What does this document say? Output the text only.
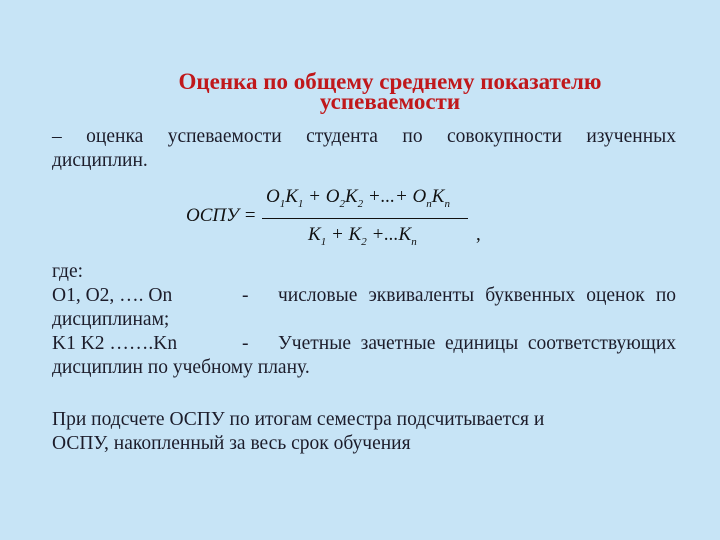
Оценка по общему среднему показателю
успеваемости
– оценка успеваемости студента по совокупности изученных
дисциплин.
ОСПУ =
$O_1K_1 + O_2K_2$ +...+ $O_nK_n$
$K_1 + K_2 +...K_n$	,
где:
O1, O2, …. On	-	числовые эквиваленты буквенных оценок по
дисциплинам;
K1 K2 …….Kn	-	Учетные зачетные единицы соответствующих
дисциплин по учебному плану.
При подсчете ОСПУ по итогам семестра подсчитывается и
ОСПУ, накопленный за весь срок обучения
